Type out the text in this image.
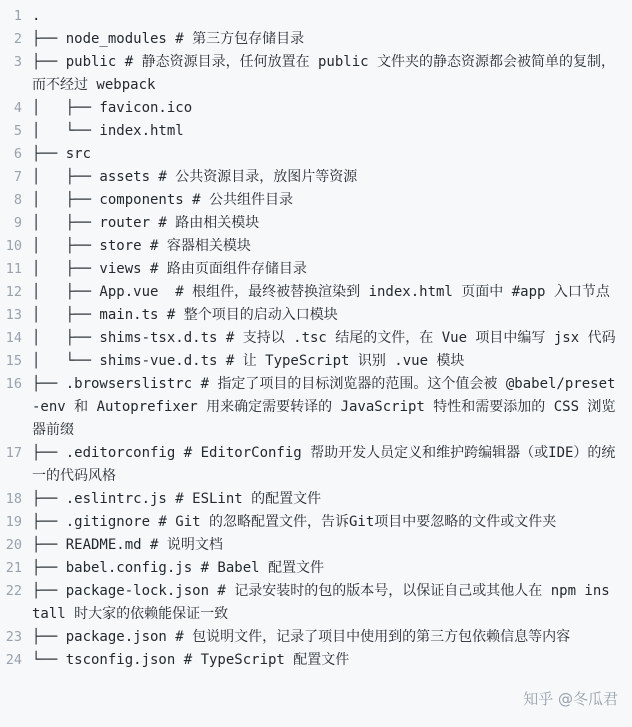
1 .
2 ├── node_modules # 第三方包存储目录
3 ├── public # 静态资源目录，任何放置在 public 文件夹的静态资源都会被简单的复制，而不经过 webpack
4 │   ├── favicon.ico
5 │   └── index.html
6 ├── src
7 │   ├── assets # 公共资源目录，放图片等资源
8 │   ├── components # 公共组件目录
9 │   ├── router # 路由相关模块
10 │   ├── store # 容器相关模块
11 │   ├── views # 路由页面组件存储目录
12 │   ├── App.vue  # 根组件，最终被替换渲染到 index.html 页面中 #app 入口节点
13 │   ├── main.ts # 整个项目的启动入口模块
14 │   ├── shims-tsx.d.ts # 支持以 .tsc 结尾的文件，在 Vue 项目中编写 jsx 代码
15 │   └── shims-vue.d.ts # 让 TypeScript 识别 .vue 模块
16 ├── .browserslistrc # 指定了项目的目标浏览器的范围。这个值会被 @babel/preset-env 和 Autoprefixer 用来确定需要转译的 JavaScript 特性和需要添加的 CSS 浏览器前缀
17 ├── .editorconfig # EditorConfig 帮助开发人员定义和维护跨编辑器（或IDE）的统一的代码风格
18 ├── .eslintrc.js # ESLint 的配置文件
19 ├── .gitignore # Git 的忽略配置文件，告诉Git项目中要忽略的文件或文件夹
20 ├── README.md # 说明文档
21 ├── babel.config.js # Babel 配置文件
22 ├── package-lock.json # 记录安装时的包的版本号，以保证自己或其他人在 npm install 时大家的依赖能保证一致
23 ├── package.json # 包说明文件，记录了项目中使用到的第三方包依赖信息等内容
24 └── tsconfig.json # TypeScript 配置文件
知乎 @冬瓜君
